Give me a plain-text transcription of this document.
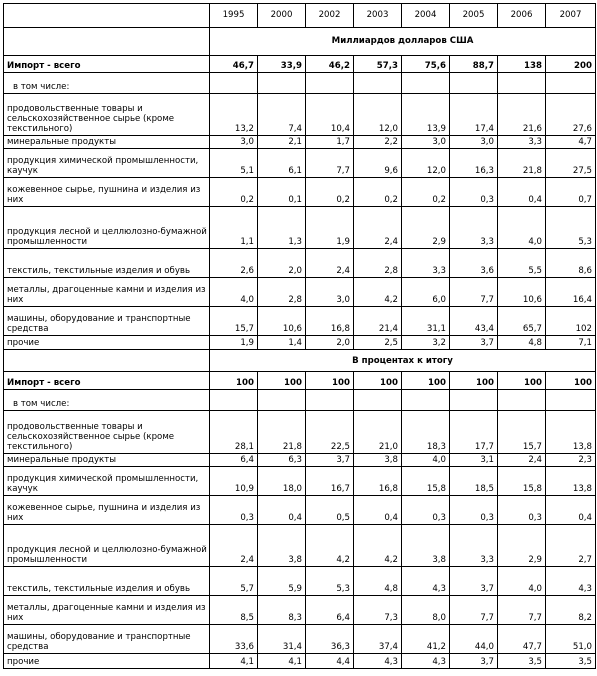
	1995	2000	2002	2003	2004	2005	2006	2007
	Миллиардов долларов США							
Импорт - всего	46,7	33,9	46,2	57,3	75,6	88,7	138	200
в том числе:								
продовольственные товары и сельскохозяйственное сырье (кроме текстильного)	13,2	7,4	10,4	12,0	13,9	17,4	21,6	27,6
минеральные продукты	3,0	2,1	1,7	2,2	3,0	3,0	3,3	4,7
продукция химической промышленности, каучук	5,1	6,1	7,7	9,6	12,0	16,3	21,8	27,5
кожевенное сырье, пушнина и изделия из них	0,2	0,1	0,2	0,2	0,2	0,3	0,4	0,7
продукция лесной и целлюлозно-бумажной промышленности	1,1	1,3	1,9	2,4	2,9	3,3	4,0	5,3
текстиль, текстильные изделия и обувь	2,6	2,0	2,4	2,8	3,3	3,6	5,5	8,6
металлы, драгоценные камни и изделия из них	4,0	2,8	3,0	4,2	6,0	7,7	10,6	16,4
машины, оборудование и транспортные средства	15,7	10,6	16,8	21,4	31,1	43,4	65,7	102
прочие	1,9	1,4	2,0	2,5	3,2	3,7	4,8	7,1
	В процентах к итогу							
Импорт - всего	100	100	100	100	100	100	100	100
в том числе:								
продовольственные товары и сельскохозяйственное сырье (кроме текстильного)	28,1	21,8	22,5	21,0	18,3	17,7	15,7	13,8
минеральные продукты	6,4	6,3	3,7	3,8	4,0	3,1	2,4	2,3
продукция химической промышленности, каучук	10,9	18,0	16,7	16,8	15,8	18,5	15,8	13,8
кожевенное сырье, пушнина и изделия из них	0,3	0,4	0,5	0,4	0,3	0,3	0,3	0,4
продукция лесной и целлюлозно-бумажной промышленности	2,4	3,8	4,2	4,2	3,8	3,3	2,9	2,7
текстиль, текстильные изделия и обувь	5,7	5,9	5,3	4,8	4,3	3,7	4,0	4,3
металлы, драгоценные камни и изделия из них	8,5	8,3	6,4	7,3	8,0	7,7	7,7	8,2
машины, оборудование и транспортные средства	33,6	31,4	36,3	37,4	41,2	44,0	47,7	51,0
прочие	4,1	4,1	4,4	4,3	4,3	3,7	3,5	3,5
